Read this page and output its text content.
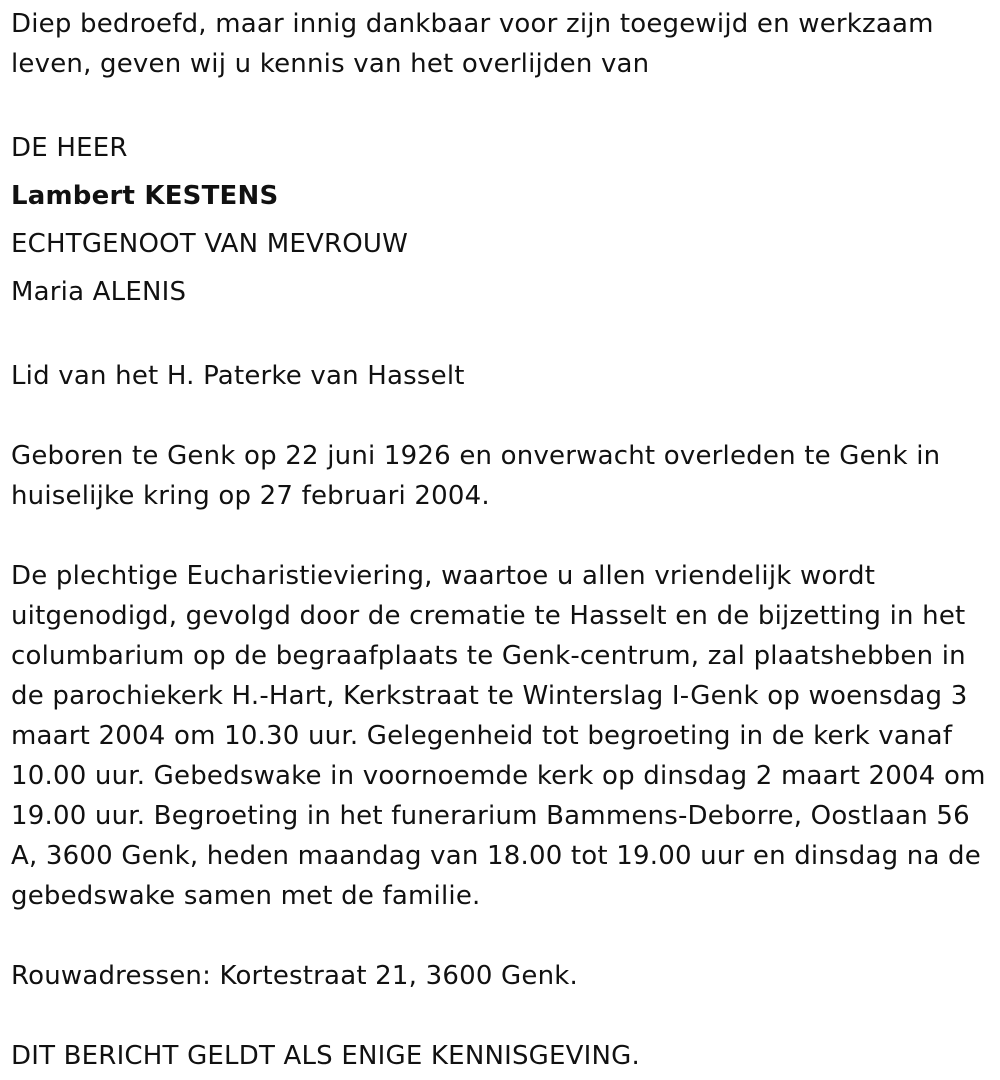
Diep bedroefd, maar innig dankbaar voor zijn toegewijd en werkzaam leven, geven wij u kennis van het overlijden van

DE HEER

Lambert KESTENS

ECHTGENOOT VAN MEVROUW

Maria ALENIS

Lid van het H. Paterke van Hasselt

Geboren te Genk op 22 juni 1926 en onverwacht overleden te Genk in huiselijke kring op 27 februari 2004.

De plechtige Eucharistieviering, waartoe u allen vriendelijk wordt uitgenodigd, gevolgd door de crematie te Hasselt en de bijzetting in het columbarium op de begraafplaats te Genk-centrum, zal plaatshebben in de parochiekerk H.-Hart, Kerkstraat te Winterslag I-Genk op woensdag 3 maart 2004 om 10.30 uur. Gelegenheid tot begroeting in de kerk vanaf 10.00 uur. Gebedswake in voornoemde kerk op dinsdag 2 maart 2004 om 19.00 uur. Begroeting in het funerarium Bammens-Deborre, Oostlaan 56 A, 3600 Genk, heden maandag van 18.00 tot 19.00 uur en dinsdag na de gebedswake samen met de familie.

Rouwadressen: Kortestraat 21, 3600 Genk.

DIT BERICHT GELDT ALS ENIGE KENNISGEVING.
